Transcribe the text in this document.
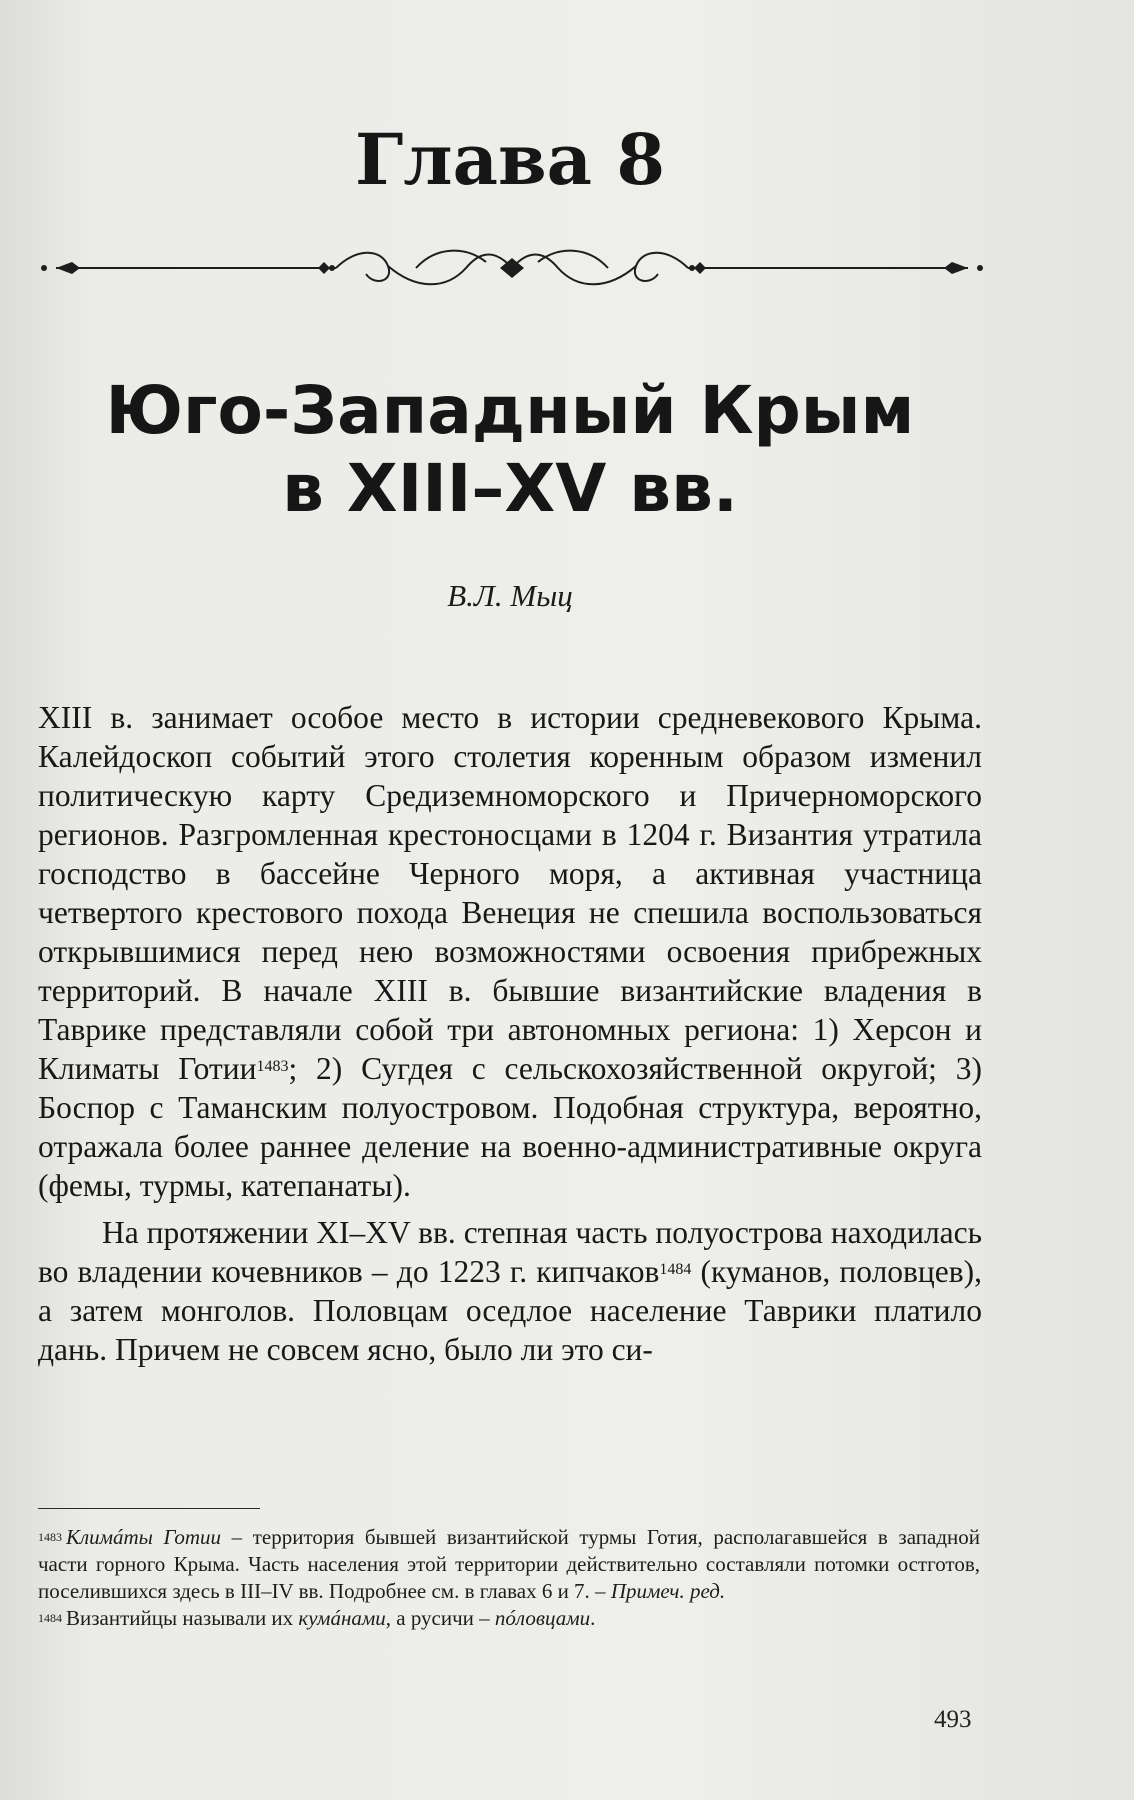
Глава 8
Юго-Западный Крым
в XIII–XV вв.
В.Л. Мыц

XIII в. занимает особое место в истории средневекового Крыма. Калейдоскоп событий этого столетия коренным образом изменил политическую карту Средиземноморского и Причерноморского регионов. Разгромленная крестоносцами в 1204 г. Византия утратила господство в бассейне Черного моря, а активная участница четвертого крестового похода Венеция не спешила воспользоваться открывшимися перед нею возможностями освоения прибрежных территорий. В начале XIII в. бывшие византийские владения в Таврике представляли собой три автономных региона: 1) Херсон и Климаты Готии$^{1483}$; 2) Сугдея с сельскохозяйственной округой; 3) Боспор с Таманским полуостровом. Подобная структура, вероятно, отражала более раннее деление на военно-административные округа (фемы, турмы, катепанаты).

На протяжении XI–XV вв. степная часть полуострова находилась во владении кочевников – до 1223 г. кипчаков$^{1484}$ (куманов, половцев), а затем монголов. Половцам оседлое население Таврики платило дань. Причем не совсем ясно, было ли это си-

$^{1483}$ Климáты Готии – территория бывшей византийской турмы Готия, располагавшейся в западной части горного Крыма. Часть населения этой территории действительно составляли потомки остготов, поселившихся здесь в III–IV вв. Подробнее см. в главах 6 и 7. – Примеч. ред.

$^{1484}$ Византийцы называли их кумáнами, а русичи – пóловцами.

493
